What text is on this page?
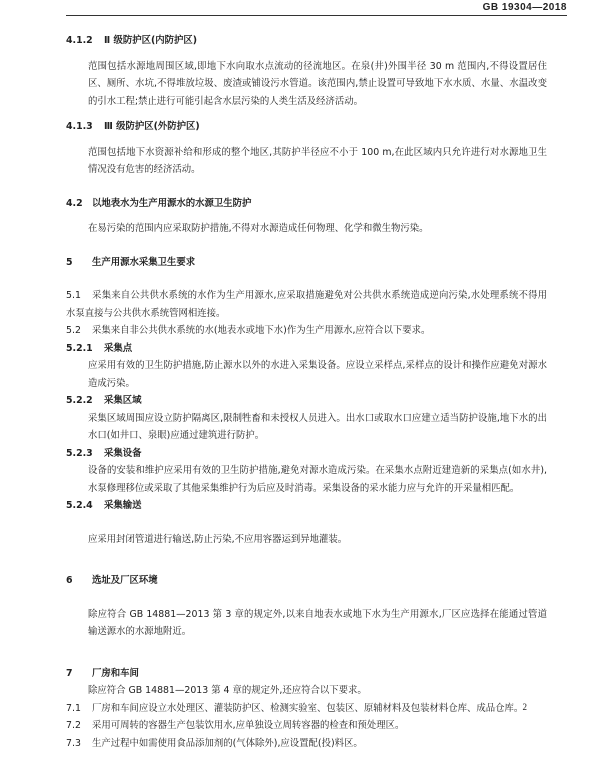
GB 19304—2018
4.1.2 Ⅱ 级防护区(内防护区)
范围包括水源地周围区域,即地下水向取水点流动的径流地区。在泉(井)外围半径 30 m 范围内,不得设置居住区、厕所、水坑,不得堆放垃圾、废渣或铺设污水管道。该范围内,禁止设置可导致地下水水质、水量、水温改变的引水工程;禁止进行可能引起含水层污染的人类生活及经济活动。
4.1.3 Ⅲ 级防护区(外防护区)
范围包括地下水资源补给和形成的整个地区,其防护半径应不小于 100 m,在此区域内只允许进行对水源地卫生情况没有危害的经济活动。
4.2 以地表水为生产用源水的水源卫生防护
在易污染的范围内应采取防护措施,不得对水源造成任何物理、化学和微生物污染。
5 生产用源水采集卫生要求
5.1 采集来自公共供水系统的水作为生产用源水,应采取措施避免对公共供水系统造成逆向污染,水处理系统不得用水泵直接与公共供水系统管网相连接。
5.2 采集来自非公共供水系统的水(地表水或地下水)作为生产用源水,应符合以下要求。
5.2.1 采集点
应采用有效的卫生防护措施,防止源水以外的水进入采集设备。应设立采样点,采样点的设计和操作应避免对源水造成污染。
5.2.2 采集区域
采集区域周围应设立防护隔离区,限制牲畜和未授权人员进入。出水口或取水口应建立适当防护设施,地下水的出水口(如井口、泉眼)应通过建筑进行防护。
5.2.3 采集设备
设备的安装和维护应采用有效的卫生防护措施,避免对源水造成污染。在采集水点附近建造新的采集点(如水井),水泵修理移位或采取了其他采集维护行为后应及时消毒。采集设备的采水能力应与允许的开采量相匹配。
5.2.4 采集输送
应采用封闭管道进行输送,防止污染,不应用容器运到异地灌装。
6 选址及厂区环境
除应符合 GB 14881—2013 第 3 章的规定外,以来自地表水或地下水为生产用源水,厂区应选择在能通过管道输送源水的水源地附近。
7 厂房和车间
除应符合 GB 14881—2013 第 4 章的规定外,还应符合以下要求。
7.1 厂房和车间应设立水处理区、灌装防护区、检测实验室、包装区、原辅材料及包装材料仓库、成品仓库。
7.2 采用可周转的容器生产包装饮用水,应单独设立周转容器的检查和预处理区。
7.3 生产过程中如需使用食品添加剂的(气体除外),应设置配(投)料区。
2
